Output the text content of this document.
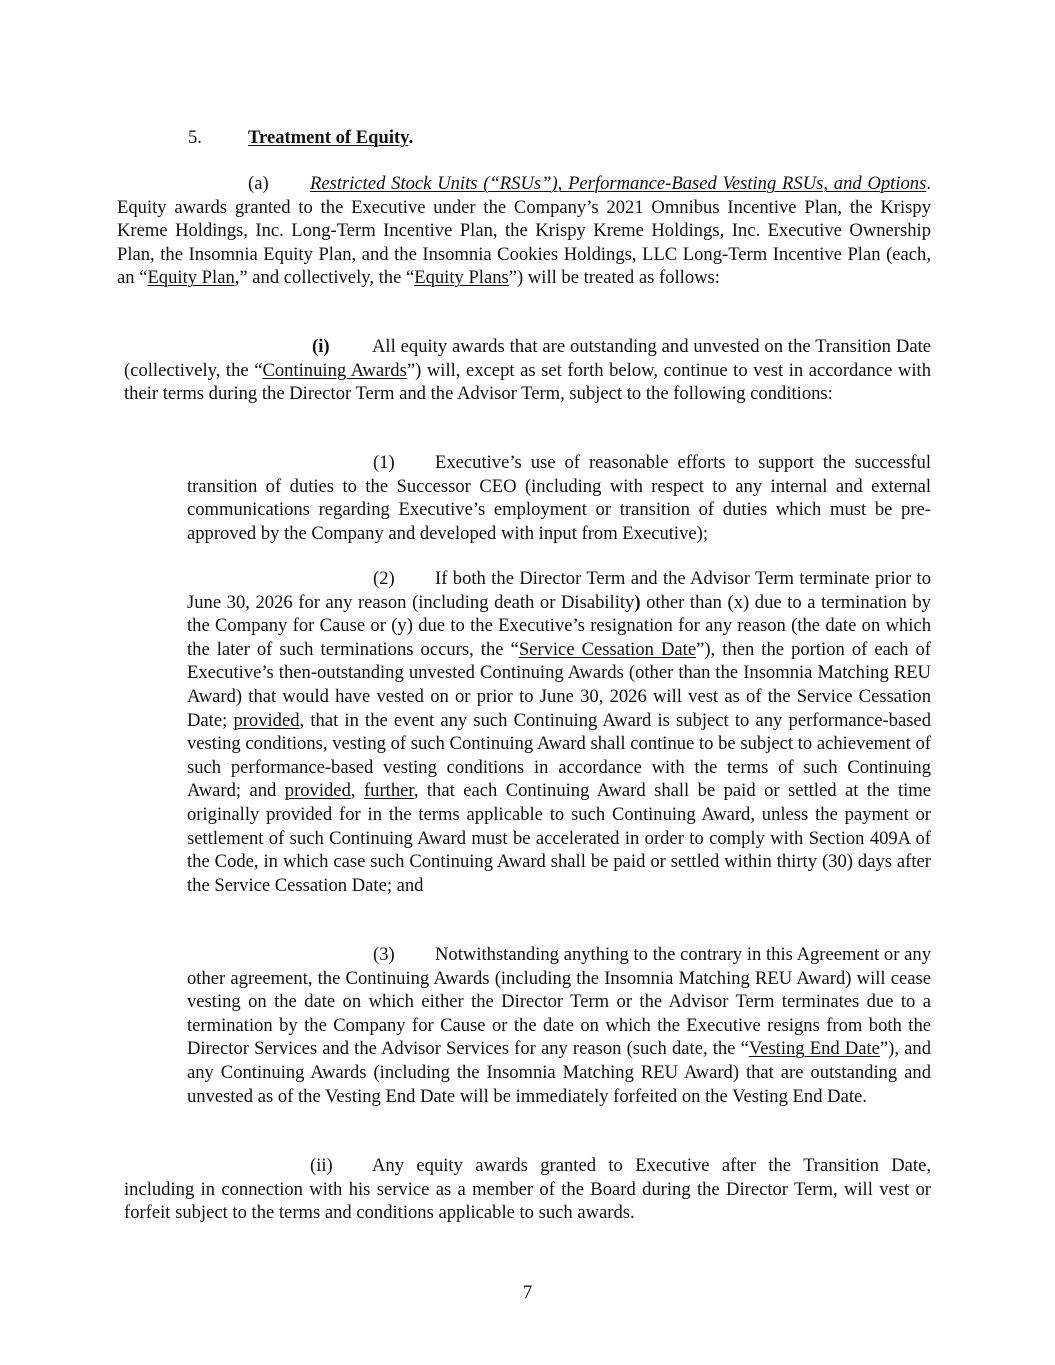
5. Treatment of Equity.

(a) Restricted Stock Units (“RSUs”), Performance-Based Vesting RSUs, and Options. Equity awards granted to the Executive under the Company’s 2021 Omnibus Incentive Plan, the Krispy Kreme Holdings, Inc. Long-Term Incentive Plan, the Krispy Kreme Holdings, Inc. Executive Ownership Plan, the Insomnia Equity Plan, and the Insomnia Cookies Holdings, LLC Long-Term Incentive Plan (each, an “Equity Plan,” and collectively, the “Equity Plans”) will be treated as follows:

(i) All equity awards that are outstanding and unvested on the Transition Date (collectively, the “Continuing Awards”) will, except as set forth below, continue to vest in accordance with their terms during the Director Term and the Advisor Term, subject to the following conditions:

(1) Executive’s use of reasonable efforts to support the successful transition of duties to the Successor CEO (including with respect to any internal and external communications regarding Executive’s employment or transition of duties which must be pre-approved by the Company and developed with input from Executive);

(2) If both the Director Term and the Advisor Term terminate prior to June 30, 2026 for any reason (including death or Disability) other than (x) due to a termination by the Company for Cause or (y) due to the Executive’s resignation for any reason (the date on which the later of such terminations occurs, the “Service Cessation Date”), then the portion of each of Executive’s then-outstanding unvested Continuing Awards (other than the Insomnia Matching REU Award) that would have vested on or prior to June 30, 2026 will vest as of the Service Cessation Date; provided, that in the event any such Continuing Award is subject to any performance-based vesting conditions, vesting of such Continuing Award shall continue to be subject to achievement of such performance-based vesting conditions in accordance with the terms of such Continuing Award; and provided, further, that each Continuing Award shall be paid or settled at the time originally provided for in the terms applicable to such Continuing Award, unless the payment or settlement of such Continuing Award must be accelerated in order to comply with Section 409A of the Code, in which case such Continuing Award shall be paid or settled within thirty (30) days after the Service Cessation Date; and

(3) Notwithstanding anything to the contrary in this Agreement or any other agreement, the Continuing Awards (including the Insomnia Matching REU Award) will cease vesting on the date on which either the Director Term or the Advisor Term terminates due to a termination by the Company for Cause or the date on which the Executive resigns from both the Director Services and the Advisor Services for any reason (such date, the “Vesting End Date”), and any Continuing Awards (including the Insomnia Matching REU Award) that are outstanding and unvested as of the Vesting End Date will be immediately forfeited on the Vesting End Date.

(ii) Any equity awards granted to Executive after the Transition Date, including in connection with his service as a member of the Board during the Director Term, will vest or forfeit subject to the terms and conditions applicable to such awards.

7
